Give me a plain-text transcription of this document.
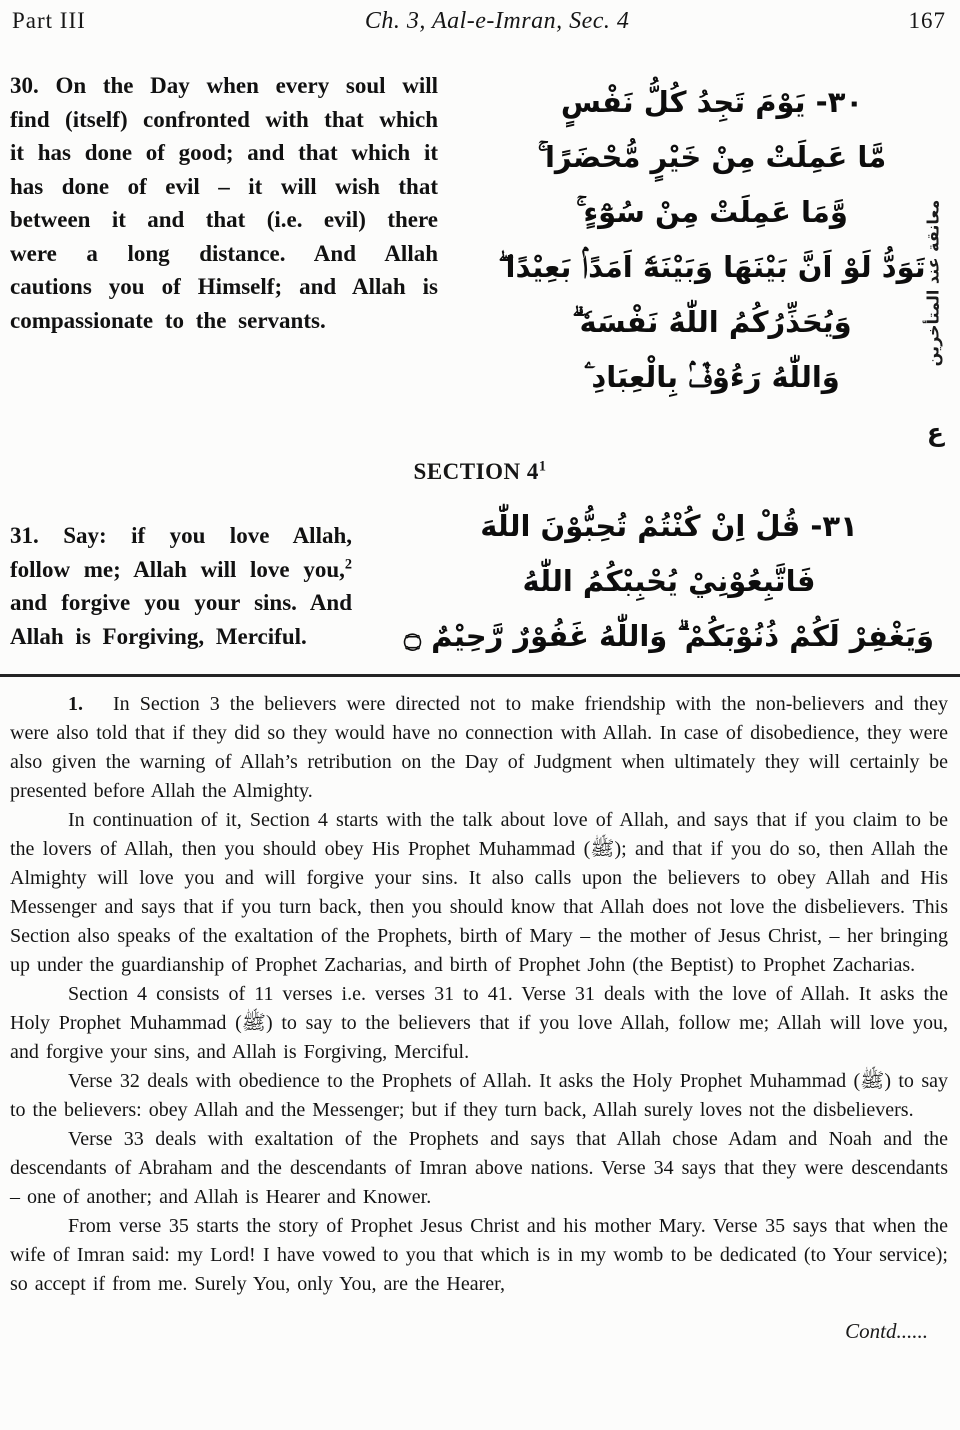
Part III	Ch. 3, Aal-e-Imran, Sec. 4	167
30. On the Day when every soul will find (itself) confronted with that which it has done of good; and that which it has done of evil – it will wish that between it and that (i.e. evil) there were a long distance. And Allah cautions you of Himself; and Allah is compassionate to the servants.
٣٠- يَوْمَ تَجِدُ كُلُّ نَفْسٍ
مَّا عَمِلَتْ مِنْ خَيْرٍ مُّحْضَرًا ۚ
وَّمَا عَمِلَتْ مِنْ سُوْٓءٍ ۚ
تَوَدُّ لَوْ اَنَّ بَيْنَهَا وَبَيْنَهٗٓ اَمَدًاۢ بَعِيْدًا ۖ
وَيُحَذِّرُكُمُ اللّٰهُ نَفْسَهٗ ۗ
وَاللّٰهُ رَءُوْفٌۢ بِالْعِبَادِ ۧ
معانقة عند المتأخرين
ع
SECTION $4^1$
31. Say: if you love Allah, follow me; Allah will love you,$^2$ and forgive you your sins. And Allah is Forgiving, Merciful.
٣١- قُلْ اِنْ كُنْتُمْ تُحِبُّوْنَ اللّٰهَ
فَاتَّبِعُوْنِيْ يُحْبِبْكُمُ اللّٰهُ
وَيَغْفِرْ لَكُمْ ذُنُوْبَكُمْ ۗ وَاللّٰهُ غَفُوْرٌ رَّحِيْمٌ ۝

1. In Section 3 the believers were directed not to make friendship with the non-believers and they were also told that if they did so they would have no connection with Allah. In case of disobedience, they were also given the warning of Allah’s retribution on the Day of Judgment when ultimately they will certainly be presented before Allah the Almighty.

In continuation of it, Section 4 starts with the talk about love of Allah, and says that if you claim to be the lovers of Allah, then you should obey His Prophet Muhammad (ﷺ); and that if you do so, then Allah the Almighty will love you and will forgive your sins. It also calls upon the believers to obey Allah and His Messenger and says that if you turn back, then you should know that Allah does not love the disbelievers. This Section also speaks of the exaltation of the Prophets, birth of Mary – the mother of Jesus Christ, – her bringing up under the guardianship of Prophet Zacharias, and birth of Prophet John (the Beptist) to Prophet Zacharias.

Section 4 consists of 11 verses i.e. verses 31 to 41. Verse 31 deals with the love of Allah. It asks the Holy Prophet Muhammad (ﷺ) to say to the believers that if you love Allah, follow me; Allah will love you, and forgive your sins, and Allah is Forgiving, Merciful.

Verse 32 deals with obedience to the Prophets of Allah. It asks the Holy Prophet Muhammad (ﷺ) to say to the believers: obey Allah and the Messenger; but if they turn back, Allah surely loves not the disbelievers.

Verse 33 deals with exaltation of the Prophets and says that Allah chose Adam and Noah and the descendants of Abraham and the descendants of Imran above nations. Verse 34 says that they were descendants – one of another; and Allah is Hearer and Knower.

From verse 35 starts the story of Prophet Jesus Christ and his mother Mary. Verse 35 says that when the wife of Imran said: my Lord! I have vowed to you that which is in my womb to be dedicated (to Your service); so accept if from me. Surely You, only You, are the Hearer,

Contd......
